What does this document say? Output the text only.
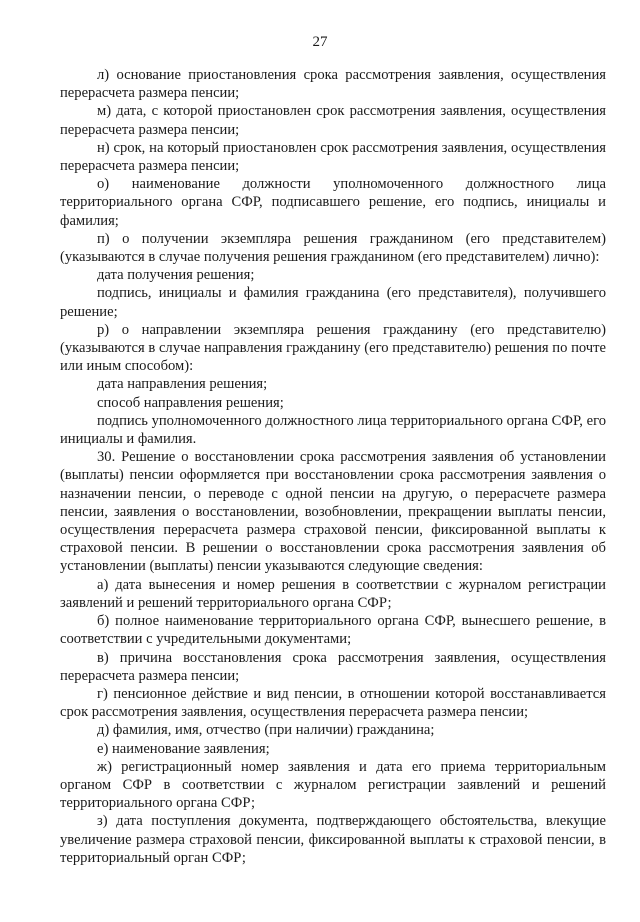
27

л) основание приостановления срока рассмотрения заявления, осуществления перерасчета размера пенсии;

м) дата, с которой приостановлен срок рассмотрения заявления, осуществления перерасчета размера пенсии;

н) срок, на который приостановлен срок рассмотрения заявления, осуществления перерасчета размера пенсии;

о) наименование должности уполномоченного должностного лица территориального органа СФР, подписавшего решение, его подпись, инициалы и фамилия;

п) о получении экземпляра решения гражданином (его представителем) (указываются в случае получения решения гражданином (его представителем) лично):

дата получения решения;

подпись, инициалы и фамилия гражданина (его представителя), получившего решение;

р) о направлении экземпляра решения гражданину (его представителю) (указываются в случае направления гражданину (его представителю) решения по почте или иным способом):

дата направления решения;

способ направления решения;

подпись уполномоченного должностного лица территориального органа СФР, его инициалы и фамилия.

30. Решение о восстановлении срока рассмотрения заявления об установлении (выплаты) пенсии оформляется при восстановлении срока рассмотрения заявления о назначении пенсии, о переводе с одной пенсии на другую, о перерасчете размера пенсии, заявления о восстановлении, возобновлении, прекращении выплаты пенсии, осуществления перерасчета размера страховой пенсии, фиксированной выплаты к страховой пенсии. В решении о восстановлении срока рассмотрения заявления об установлении (выплаты) пенсии указываются следующие сведения:

а) дата вынесения и номер решения в соответствии с журналом регистрации заявлений и решений территориального органа СФР;

б) полное наименование территориального органа СФР, вынесшего решение, в соответствии с учредительными документами;

в) причина восстановления срока рассмотрения заявления, осуществления перерасчета размера пенсии;

г) пенсионное действие и вид пенсии, в отношении которой восстанавливается срок рассмотрения заявления, осуществления перерасчета размера пенсии;

д) фамилия, имя, отчество (при наличии) гражданина;

е) наименование заявления;

ж) регистрационный номер заявления и дата его приема территориальным органом СФР в соответствии с журналом регистрации заявлений и решений территориального органа СФР;

з) дата поступления документа, подтверждающего обстоятельства, влекущие увеличение размера страховой пенсии, фиксированной выплаты к страховой пенсии, в территориальный орган СФР;
